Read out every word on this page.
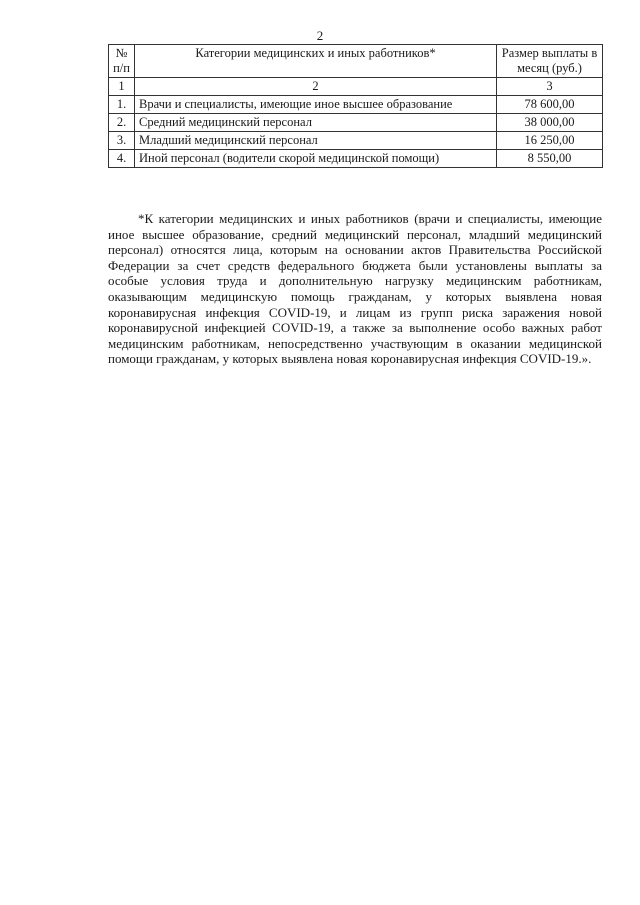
2
№ п/п	Категории медицинских и иных работников*	Размер выплаты в месяц (руб.)
1	2	3
1.	Врачи и специалисты, имеющие иное высшее образование	78 600,00
2.	Средний медицинский персонал	38 000,00
3.	Младший медицинский персонал	16 250,00
4.	Иной персонал (водители скорой медицинской помощи)	8 550,00

*К категории медицинских и иных работников (врачи и специалисты, имеющие иное высшее образование, средний медицинский персонал, младший медицинский персонал) относятся лица, которым на основании актов Правительства Российской Федерации за счет средств федерального бюджета были установлены выплаты за особые условия труда и дополнительную нагрузку медицинским работникам, оказывающим медицинскую помощь гражданам, у которых выявлена новая коронавирусная инфекция COVID-19, и лицам из групп риска заражения новой коронавирусной инфекцией COVID-19, а также за выполнение особо важных работ медицинским работникам, непосредственно участвующим в оказании медицинской помощи гражданам, у которых выявлена новая коронавирусная инфекция COVID-19.».
